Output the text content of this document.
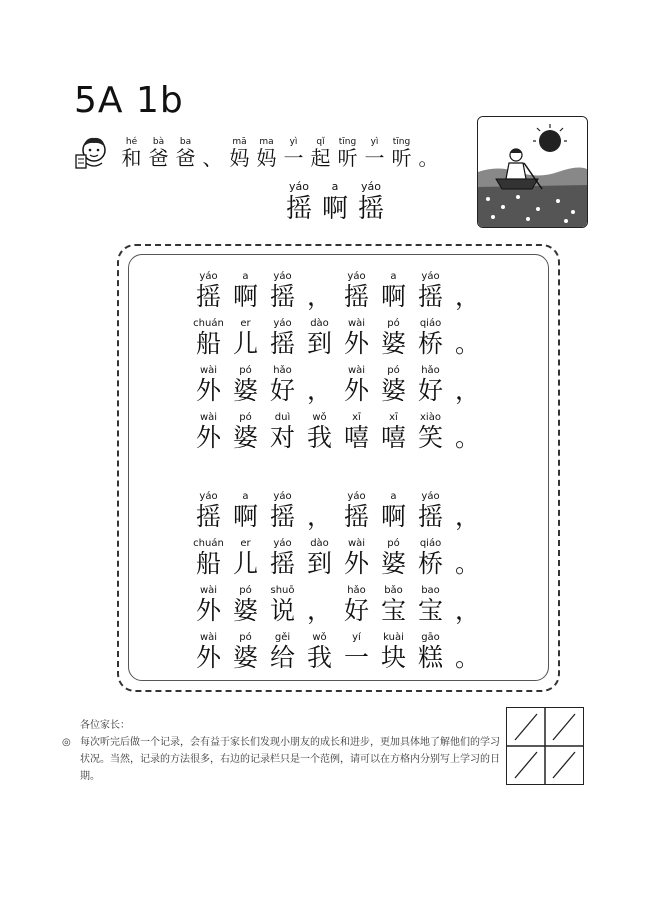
5A 1b
hé
和
bà
爸
ba
爸 、
mā
妈
ma
妈
yì
一
qǐ
起
tīng
听
yì
一
tīng
听 。
yáo
摇
a
啊
yáo
摇
yáo
摇
a
啊
yáo
摇 ，
yáo
摇
a
啊
yáo
摇 ，
chuán
船
er
儿
yáo
摇
dào
到
wài
外
pó
婆
qiáo
桥 。
wài
外
pó
婆
hǎo
好 ，
wài
外
pó
婆
hǎo
好 ，
wài
外
pó
婆
duì
对
wǒ
我
xī
嘻
xī
嘻
xiào
笑 。
yáo
摇
a
啊
yáo
摇 ，
yáo
摇
a
啊
yáo
摇 ，
chuán
船
er
儿
yáo
摇
dào
到
wài
外
pó
婆
qiáo
桥 。
wài
外
pó
婆
shuō
说 ，
hǎo
好
bǎo
宝
bao
宝 ，
wài
外
pó
婆
gěi
给
wǒ
我
yí
一
kuài
块
gāo
糕 。
各位家长：
◎ 每次听完后做一个记录，会有益于家长们发现小朋友的成长和进步，更加具体地了解他们的学习状况。当然，记录的方法很多，右边的记录栏只是一个范例，请可以在方格内分别写上学习的日期。
